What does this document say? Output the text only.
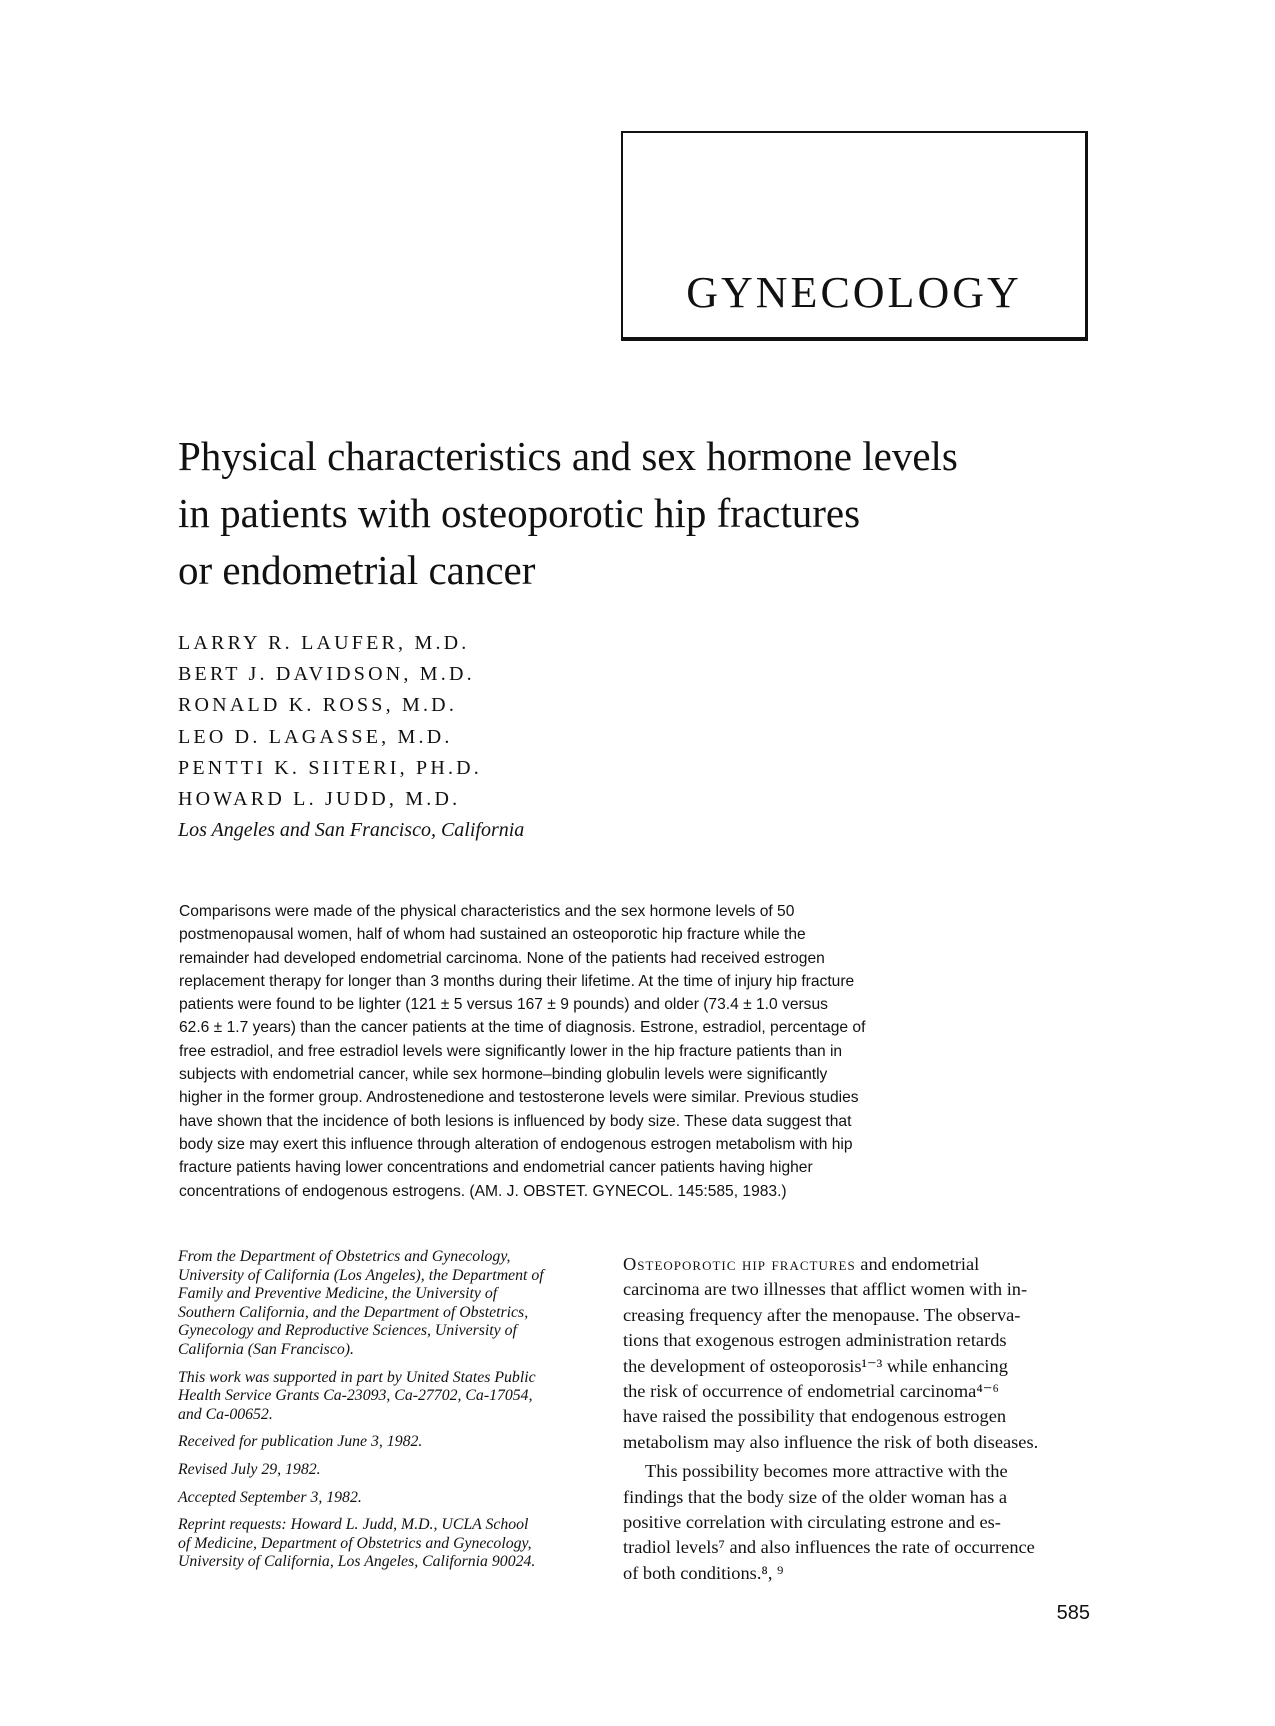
GYNECOLOGY
Physical characteristics and sex hormone levels
in patients with osteoporotic hip fractures
or endometrial cancer
LARRY R. LAUFER, M.D.
BERT J. DAVIDSON, M.D.
RONALD K. ROSS, M.D.
LEO D. LAGASSE, M.D.
PENTTI K. SIITERI, PH.D.
HOWARD L. JUDD, M.D.
Los Angeles and San Francisco, California
Comparisons were made of the physical characteristics and the sex hormone levels of 50
postmenopausal women, half of whom had sustained an osteoporotic hip fracture while the
remainder had developed endometrial carcinoma. None of the patients had received estrogen
replacement therapy for longer than 3 months during their lifetime. At the time of injury hip fracture
patients were found to be lighter (121 ± 5 versus 167 ± 9 pounds) and older (73.4 ± 1.0 versus
62.6 ± 1.7 years) than the cancer patients at the time of diagnosis. Estrone, estradiol, percentage of
free estradiol, and free estradiol levels were significantly lower in the hip fracture patients than in
subjects with endometrial cancer, while sex hormone–binding globulin levels were significantly
higher in the former group. Androstenedione and testosterone levels were similar. Previous studies
have shown that the incidence of both lesions is influenced by body size. These data suggest that
body size may exert this influence through alteration of endogenous estrogen metabolism with hip
fracture patients having lower concentrations and endometrial cancer patients having higher
concentrations of endogenous estrogens. (AM. J. OBSTET. GYNECOL. 145:585, 1983.)
From the Department of Obstetrics and Gynecology,
University of California (Los Angeles), the Department of
Family and Preventive Medicine, the University of
Southern California, and the Department of Obstetrics,
Gynecology and Reproductive Sciences, University of
California (San Francisco).
This work was supported in part by United States Public
Health Service Grants Ca-23093, Ca-27702, Ca-17054,
and Ca-00652.
Received for publication June 3, 1982.
Revised July 29, 1982.
Accepted September 3, 1982.
Reprint requests: Howard L. Judd, M.D., UCLA School
of Medicine, Department of Obstetrics and Gynecology,
University of California, Los Angeles, California 90024.
Osteoporotic hip fractures and endometrial
carcinoma are two illnesses that afflict women with in-
creasing frequency after the menopause. The observa-
tions that exogenous estrogen administration retards
the development of osteoporosis¹⁻³ while enhancing
the risk of occurrence of endometrial carcinoma⁴⁻⁶
have raised the possibility that endogenous estrogen
metabolism may also influence the risk of both diseases.
This possibility becomes more attractive with the
findings that the body size of the older woman has a
positive correlation with circulating estrone and es-
tradiol levels⁷ and also influences the rate of occurrence
of both conditions.⁸, ⁹
585
